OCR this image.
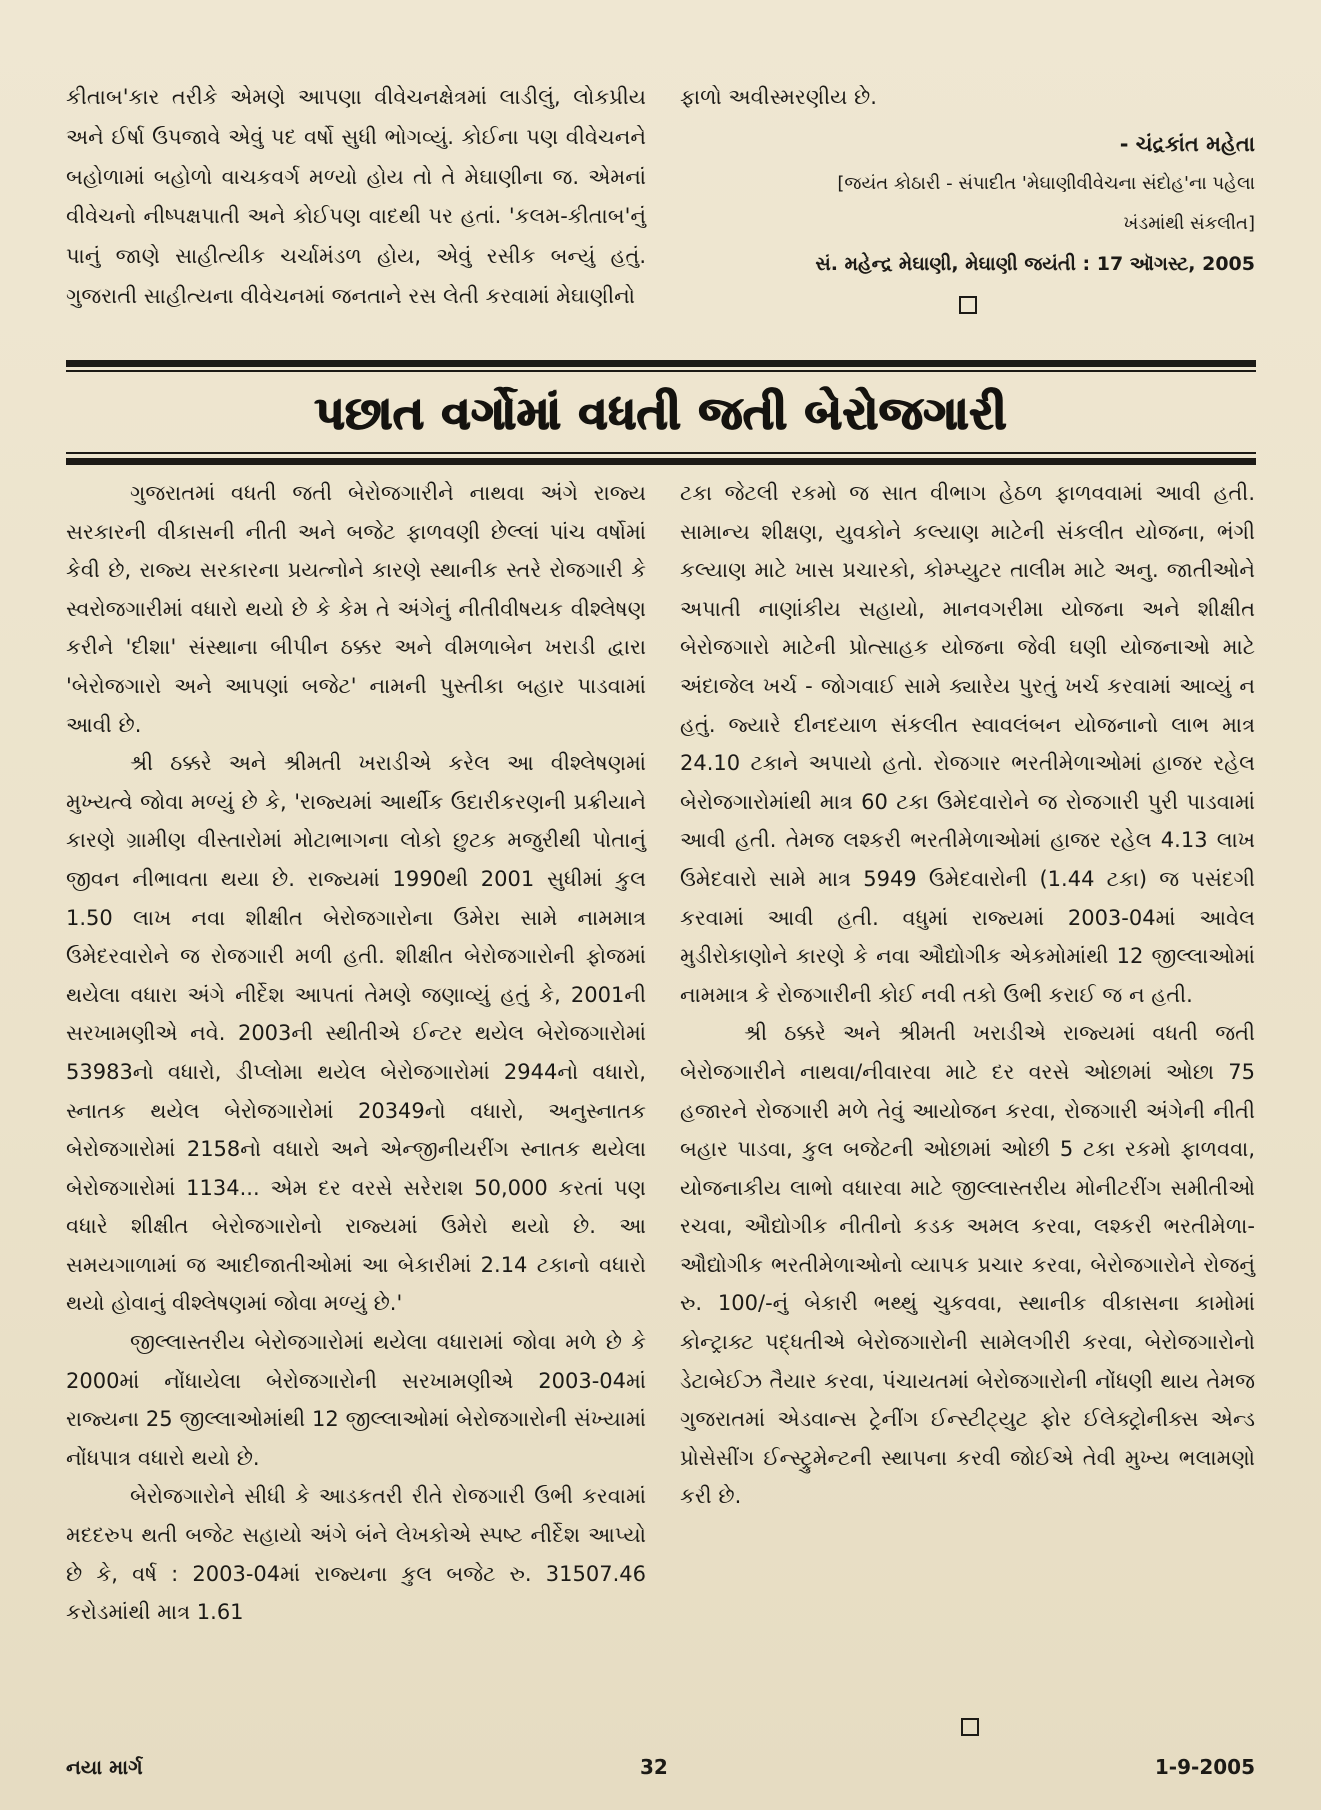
કીતાબ'કાર તરીકે એમણે આપણા વીવેચનક્ષેત્રમાં લાડીલું, લોકપ્રીય અને ઈર્ષા ઉપજાવે એવું પદ વર્ષો સુધી ભોગવ્યું. કોઈના પણ વીવેચનને બહોળામાં બહોળો વાચકવર્ગ મળ્યો હોય તો તે મેઘાણીના જ. એમનાં વીવેચનો નીષ્પક્ષપાતી અને કોઈપણ વાદથી પર હતાં. 'કલમ-કીતાબ'નું પાનું જાણે સાહીત્યીક ચર્ચામંડળ હોય, એવું રસીક બન્યું હતું. ગુજરાતી સાહીત્યના વીવેચનમાં જનતાને રસ લેતી કરવામાં મેઘાણીનો

ફાળો અવીસ્મરણીય છે.

- ચંદ્રકાંત મહેતા

[જયંત કોઠારી - સંપાદીત 'મેઘાણીવીવેચના સંદોહ'ના પહેલા

ખંડમાંથી સંકલીત]

સં. મહેન્દ્ર મેઘાણી, મેઘાણી જયંતી : 17 ઑગસ્ટ, 2005

પછાત વર્ગોમાં વધતી જતી બેરોજગારી

ગુજરાતમાં વધતી જતી બેરોજગારીને નાથવા અંગે રાજ્ય સરકારની વીકાસની નીતી અને બજેટ ફાળવણી છેલ્લાં પાંચ વર્ષોમાં કેવી છે, રાજ્ય સરકારના પ્રયત્નોને કારણે સ્થાનીક સ્તરે રોજગારી કે સ્વરોજગારીમાં વધારો થયો છે કે કેમ તે અંગેનું નીતીવીષયક વીશ્લેષણ કરીને 'દીશા' સંસ્થાના બીપીન ઠક્કર અને વીમળાબેન ખરાડી દ્વારા 'બેરોજગારો અને આપણાં બજેટ' નામની પુસ્તીકા બહાર પાડવામાં આવી છે.

શ્રી ઠક્કરે અને શ્રીમતી ખરાડીએ કરેલ આ વીશ્લેષણમાં મુખ્યત્વે જોવા મળ્યું છે કે, 'રાજ્યમાં આર્થીક ઉદારીકરણની પ્રક્રીયાને કારણે ગ્રામીણ વીસ્તારોમાં મોટાભાગના લોકો છુટક મજુરીથી પોતાનું જીવન નીભાવતા થયા છે. રાજ્યમાં 1990થી 2001 સુધીમાં કુલ 1.50 લાખ નવા શીક્ષીત બેરોજગારોના ઉમેરા સામે નામમાત્ર ઉમેદરવારોને જ રોજગારી મળી હતી. શીક્ષીત બેરોજગારોની ફોજમાં થયેલા વધારા અંગે નીર્દેશ આપતાં તેમણે જણાવ્યું હતું કે, 2001ની સરખામણીએ નવે. 2003ની સ્થીતીએ ઈન્ટર થયેલ બેરોજગારોમાં 53983નો વધારો, ડીપ્લોમા થયેલ બેરોજગારોમાં 2944નો વધારો, સ્નાતક થયેલ બેરોજગારોમાં 20349નો વધારો, અનુસ્નાતક બેરોજગારોમાં 2158નો વધારો અને એન્જીનીયરીંગ સ્નાતક થયેલા બેરોજગારોમાં 1134... એમ દર વરસે સરેરાશ 50,000 કરતાં પણ વધારે શીક્ષીત બેરોજગારોનો રાજ્યમાં ઉમેરો થયો છે. આ સમયગાળામાં જ આદીજાતીઓમાં આ બેકારીમાં 2.14 ટકાનો વધારો થયો હોવાનું વીશ્લેષણમાં જોવા મળ્યું છે.'

જીલ્લાસ્તરીય બેરોજગારોમાં થયેલા વધારામાં જોવા મળે છે કે 2000માં નોંધાયેલા બેરોજગારોની સરખામણીએ 2003-04માં રાજ્યના 25 જીલ્લાઓમાંથી 12 જીલ્લાઓમાં બેરોજગારોની સંખ્યામાં નોંધપાત્ર વધારો થયો છે.

બેરોજગારોને સીધી કે આડકતરી રીતે રોજગારી ઉભી કરવામાં મદદરુપ થતી બજેટ સહાયો અંગે બંને લેખકોએ સ્પષ્ટ નીર્દેશ આપ્યો છે કે, વર્ષ : 2003-04માં રાજ્યના કુલ બજેટ રુ. 31507.46 કરોડમાંથી માત્ર 1.61

ટકા જેટલી રકમો જ સાત વીભાગ હેઠળ ફાળવવામાં આવી હતી. સામાન્ય શીક્ષણ, યુવકોને કલ્યાણ માટેની સંકલીત યોજના, ભંગી કલ્યાણ માટે ખાસ પ્રચારકો, કોમ્પ્યુટર તાલીમ માટે અનુ. જાતીઓને અપાતી નાણાંકીય સહાયો, માનવગરીમા યોજના અને શીક્ષીત બેરોજગારો માટેની પ્રોત્સાહક યોજના જેવી ઘણી યોજનાઓ માટે અંદાજેલ ખર્ચ - જોગવાઈ સામે ક્યારેય પુરતું ખર્ચ કરવામાં આવ્યું ન હતું. જ્યારે દીનદયાળ સંકલીત સ્વાવલંબન યોજનાનો લાભ માત્ર 24.10 ટકાને અપાયો હતો. રોજગાર ભરતીમેળાઓમાં હાજર રહેલ બેરોજગારોમાંથી માત્ર 60 ટકા ઉમેદવારોને જ રોજગારી પુરી પાડવામાં આવી હતી. તેમજ લશ્કરી ભરતીમેળાઓમાં હાજર રહેલ 4.13 લાખ ઉમેદવારો સામે માત્ર 5949 ઉમેદવારોની (1.44 ટકા) જ પસંદગી કરવામાં આવી હતી. વધુમાં રાજ્યમાં 2003-04માં આવેલ મુડીરોકાણોને કારણે કે નવા ઔદ્યોગીક એકમોમાંથી 12 જીલ્લાઓમાં નામમાત્ર કે રોજગારીની કોઈ નવી તકો ઉભી કરાઈ જ ન હતી.

શ્રી ઠક્કરે અને શ્રીમતી ખરાડીએ રાજ્યમાં વધતી જતી બેરોજગારીને નાથવા/નીવારવા માટે દર વરસે ઓછામાં ઓછા 75 હજારને રોજગારી મળે તેવું આયોજન કરવા, રોજગારી અંગેની નીતી બહાર પાડવા, કુલ બજેટની ઓછામાં ઓછી 5 ટકા રકમો ફાળવવા, યોજનાકીય લાભો વધારવા માટે જીલ્લાસ્તરીય મોનીટરીંગ સમીતીઓ રચવા, ઔદ્યોગીક નીતીનો કડક અમલ કરવા, લશ્કરી ભરતીમેળા-ઔદ્યોગીક ભરતીમેળાઓનો વ્યાપક પ્રચાર કરવા, બેરોજગારોને રોજનું રુ. 100/-નું બેકારી ભથ્થું ચુકવવા, સ્થાનીક વીકાસના કામોમાં કોન્ટ્રાક્ટ પદ્ધતીએ બેરોજગારોની સામેલગીરી કરવા, બેરોજગારોનો ડેટાબેઈઝ તૈયાર કરવા, પંચાયતમાં બેરોજગારોની નોંધણી થાય તેમજ ગુજરાતમાં એડવાન્સ ટ્રેનીંગ ઈન્સ્ટીટ્યુટ ફોર ઈલેક્ટ્રોનીક્સ એન્ડ પ્રોસેસીંગ ઈન્સ્ટ્રુમેન્ટની સ્થાપના કરવી જોઈએ તેવી મુખ્ય ભલામણો કરી છે.

નયા માર્ગ	32	1-9-2005
